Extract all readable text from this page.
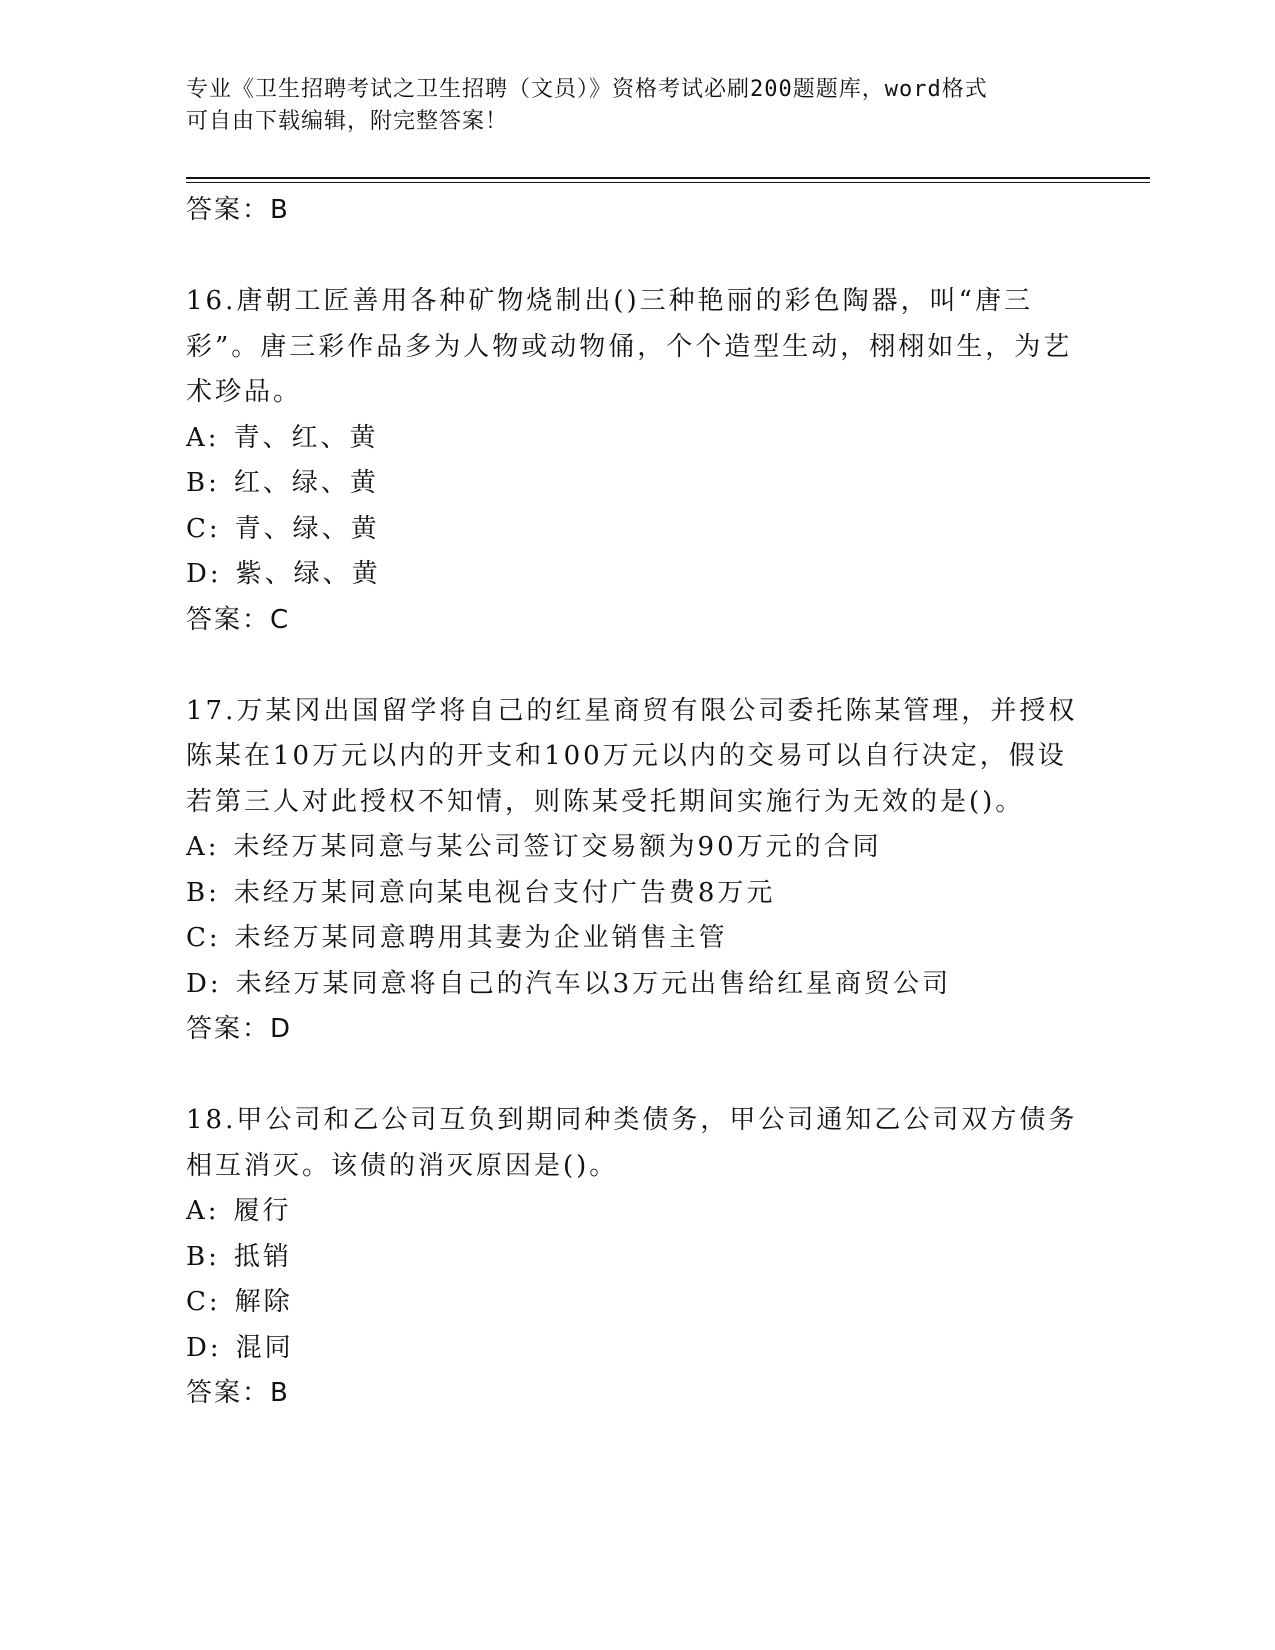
专业《卫生招聘考试之卫生招聘（文员）》资格考试必刷200题题库，word格式
可自由下载编辑，附完整答案！
答案：B

16.唐朝工匠善用各种矿物烧制出()三种艳丽的彩色陶器，叫“唐三彩”。唐三彩作品多为人物或动物俑，个个造型生动，栩栩如生，为艺术珍品。

A: 青、红、黄
B: 红、绿、黄
C: 青、绿、黄
D: 紫、绿、黄
答案：C

17.万某冈出国留学将自己的红星商贸有限公司委托陈某管理，并授权陈某在10万元以内的开支和100万元以内的交易可以自行决定，假设若第三人对此授权不知情，则陈某受托期间实施行为无效的是()。

A: 未经万某同意与某公司签订交易额为90万元的合同
B: 未经万某同意向某电视台支付广告费8万元
C: 未经万某同意聘用其妻为企业销售主管
D: 未经万某同意将自己的汽车以3万元出售给红星商贸公司
答案：D

18.甲公司和乙公司互负到期同种类债务，甲公司通知乙公司双方债务相互消灭。该债的消灭原因是()。

A: 履行
B: 抵销
C: 解除
D: 混同
答案：B
